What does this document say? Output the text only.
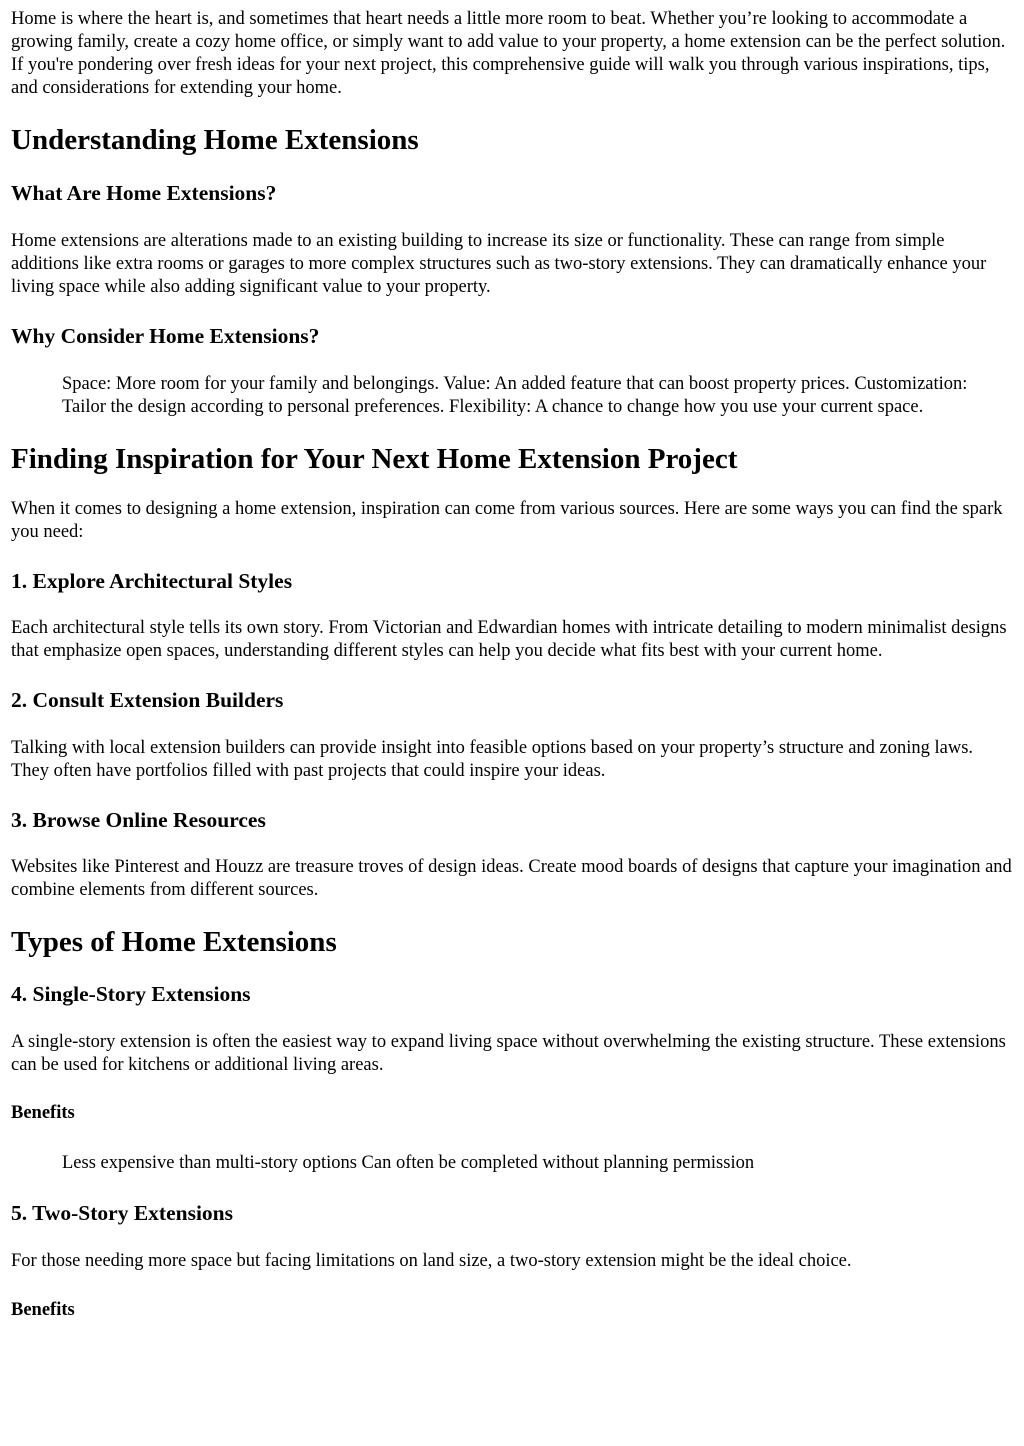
Home is where the heart is, and sometimes that heart needs a little more room to beat. Whether you’re looking to accommodate a growing family, create a cozy home office, or simply want to add value to your property, a home extension can be the perfect solution. If you're pondering over fresh ideas for your next project, this comprehensive guide will walk you through various inspirations, tips, and considerations for extending your home.

Understanding Home Extensions
What Are Home Extensions?

Home extensions are alterations made to an existing building to increase its size or functionality. These can range from simple additions like extra rooms or garages to more complex structures such as two-story extensions. They can dramatically enhance your living space while also adding significant value to your property.

Why Consider Home Extensions?

Space: More room for your family and belongings. Value: An added feature that can boost property prices. Customization: Tailor the design according to personal preferences. Flexibility: A chance to change how you use your current space.

Finding Inspiration for Your Next Home Extension Project

When it comes to designing a home extension, inspiration can come from various sources. Here are some ways you can find the spark you need:

1. Explore Architectural Styles

Each architectural style tells its own story. From Victorian and Edwardian homes with intricate detailing to modern minimalist designs that emphasize open spaces, understanding different styles can help you decide what fits best with your current home.

2. Consult Extension Builders

Talking with local extension builders can provide insight into feasible options based on your property’s structure and zoning laws. They often have portfolios filled with past projects that could inspire your ideas.

3. Browse Online Resources

Websites like Pinterest and Houzz are treasure troves of design ideas. Create mood boards of designs that capture your imagination and combine elements from different sources.

Types of Home Extensions
4. Single-Story Extensions

A single-story extension is often the easiest way to expand living space without overwhelming the existing structure. These extensions can be used for kitchens or additional living areas.

Benefits

Less expensive than multi-story options Can often be completed without planning permission

5. Two-Story Extensions

For those needing more space but facing limitations on land size, a two-story extension might be the ideal choice.

Benefits
